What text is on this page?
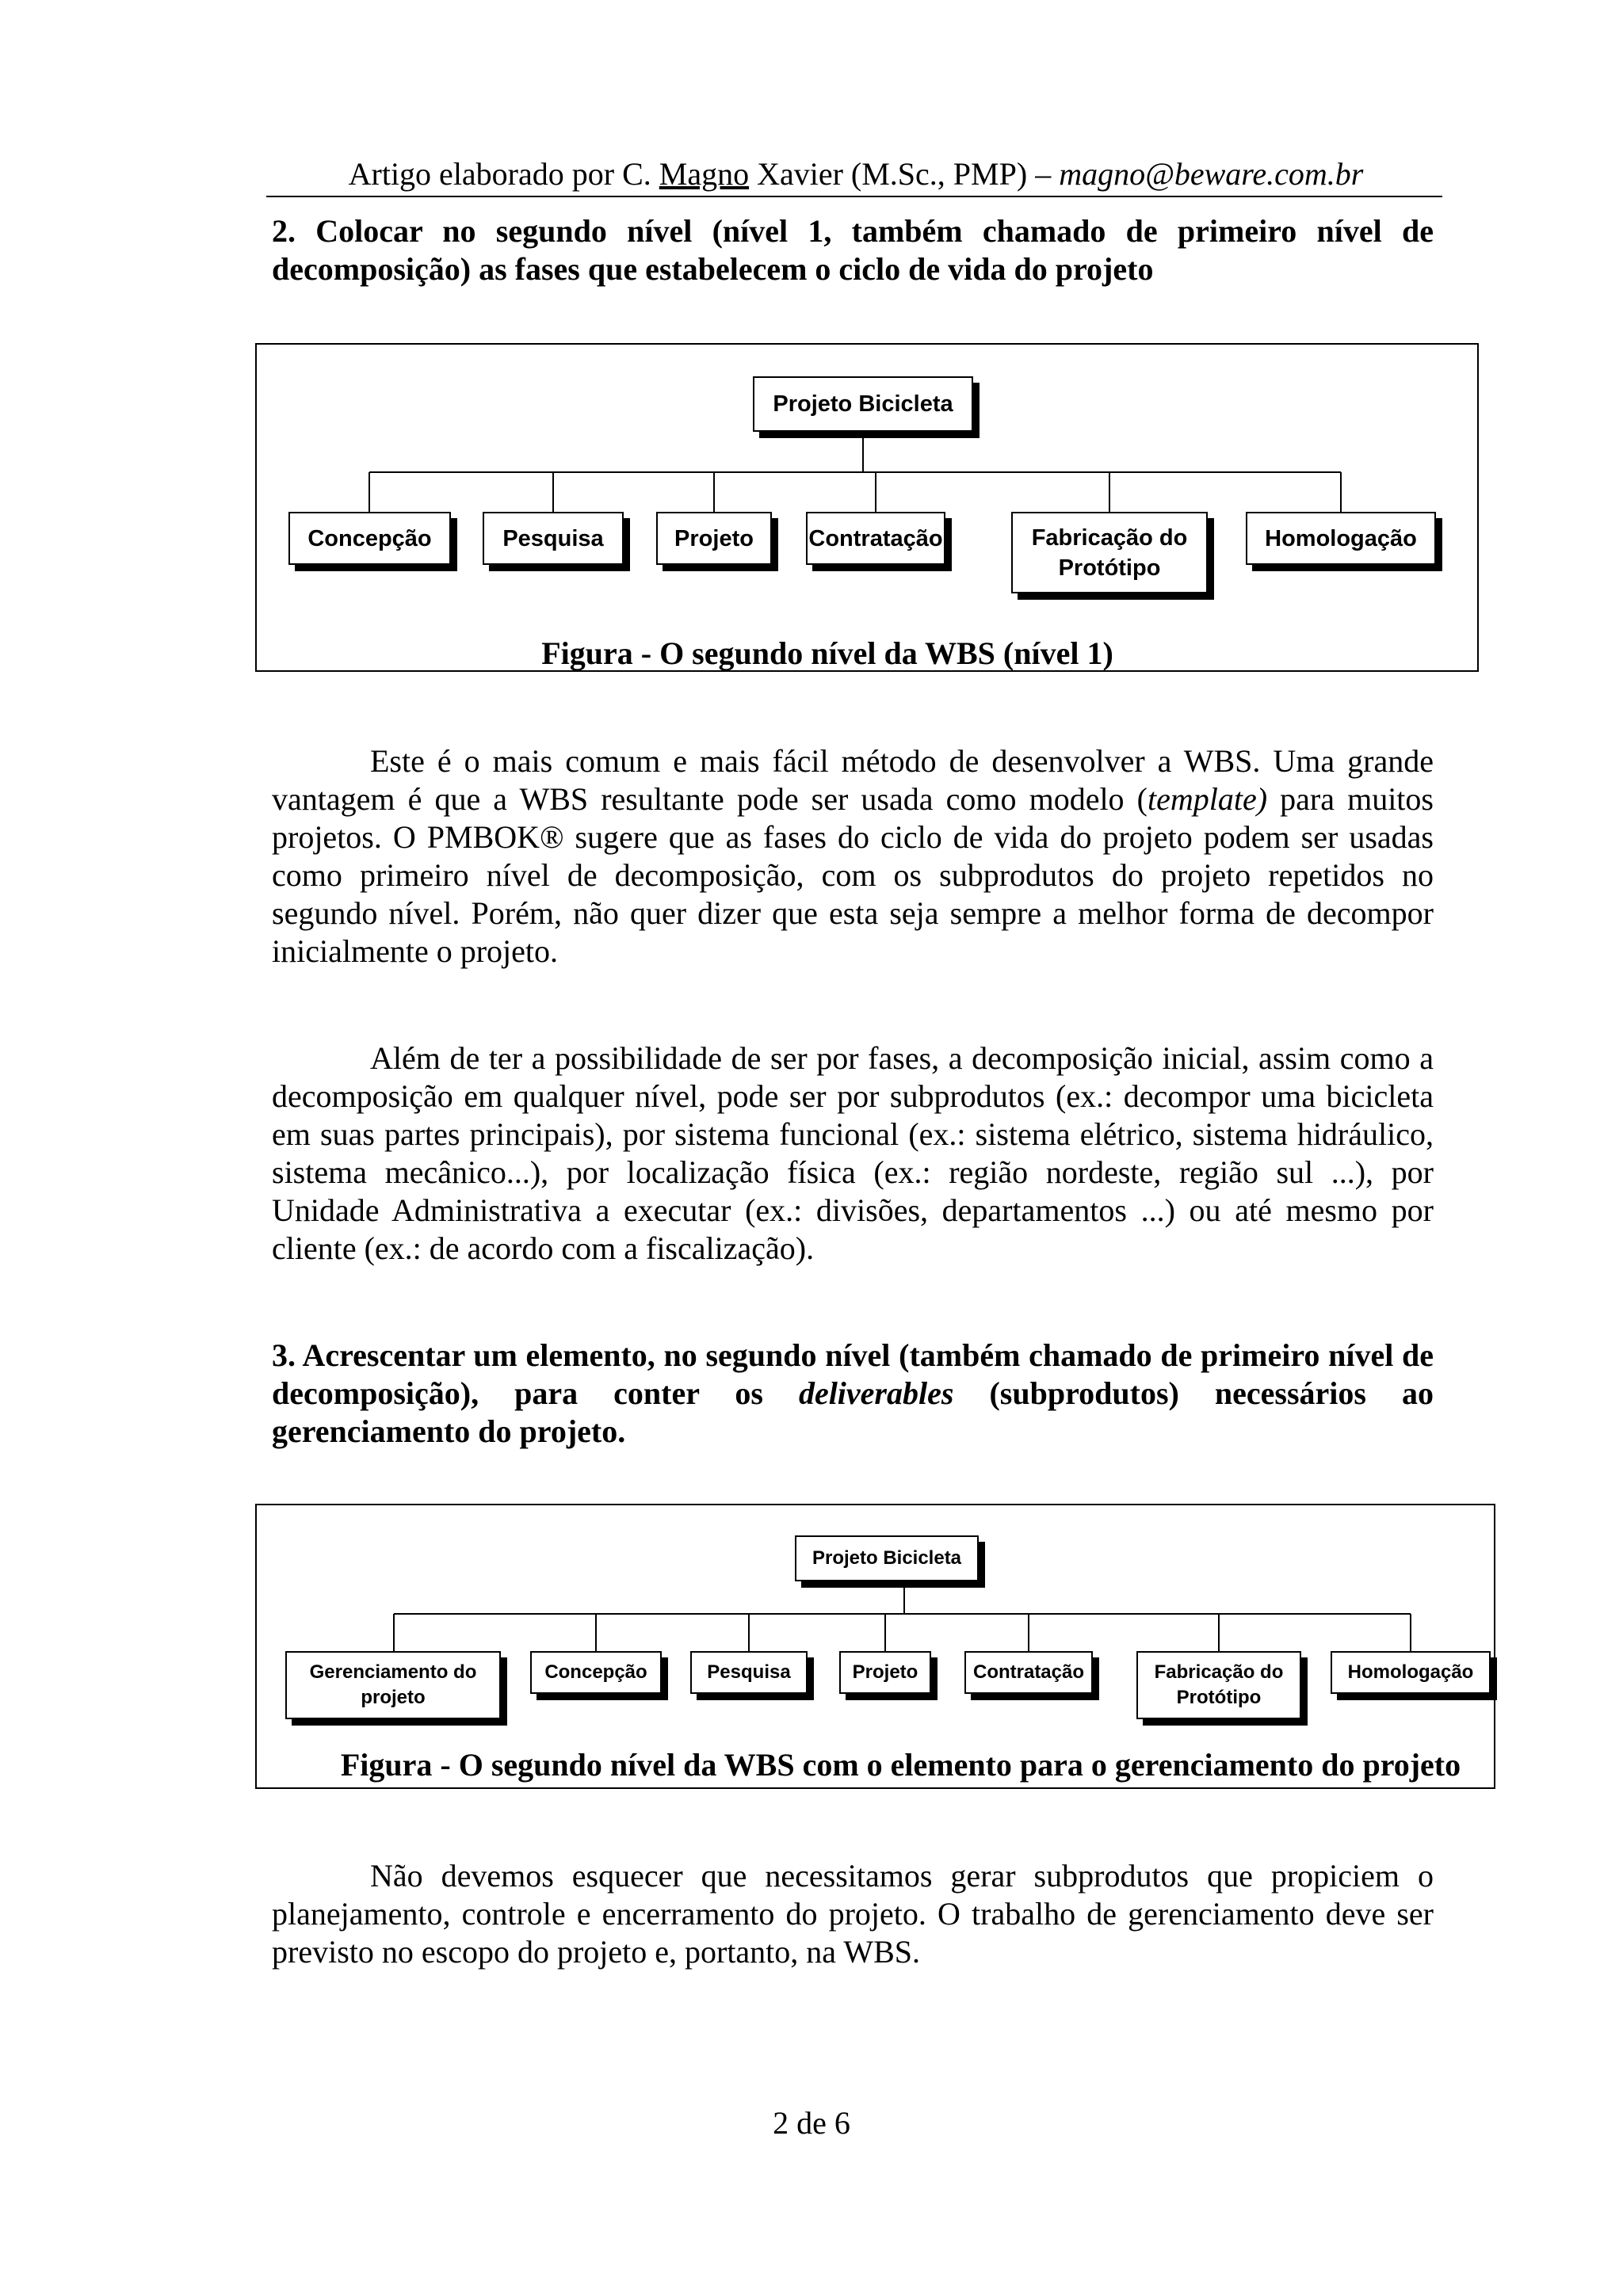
Artigo elaborado por C. Magno Xavier (M.Sc., PMP) – magno@beware.com.br
2. Colocar no segundo nível (nível 1, também chamado de primeiro nível de decomposição) as fases que estabelecem o ciclo de vida do projeto
Projeto Bicicleta
Concepção	Pesquisa	Projeto	Contratação	Fabricação do Protótipo
Homologação
Figura - O segundo nível da WBS (nível 1)
Este é o mais comum e mais fácil método de desenvolver a WBS. Uma grande vantagem é que a WBS resultante pode ser usada como modelo (template) para muitos projetos. O PMBOK® sugere que as fases do ciclo de vida do projeto podem ser usadas como primeiro nível de decomposição, com os subprodutos do projeto repetidos no segundo nível. Porém, não quer dizer que esta seja sempre a melhor forma de decompor inicialmente o projeto.
Além de ter a possibilidade de ser por fases, a decomposição inicial, assim como a decomposição em qualquer nível, pode ser por subprodutos (ex.: decompor uma bicicleta em suas partes principais), por sistema funcional (ex.: sistema elétrico, sistema hidráulico, sistema mecânico...), por localização física (ex.: região nordeste, região sul ...), por Unidade Administrativa a executar (ex.: divisões, departamentos ...) ou até mesmo por cliente (ex.: de acordo com a fiscalização).
3. Acrescentar um elemento, no segundo nível (também chamado de primeiro nível de decomposição), para conter os deliverables (subprodutos) necessários ao gerenciamento do projeto.
Projeto Bicicleta
Gerenciamento do projeto
Concepção	Pesquisa	Projeto	Contratação	Fabricação do Protótipo
Homologação
Figura - O segundo nível da WBS com o elemento para o gerenciamento do projeto
Não devemos esquecer que necessitamos gerar subprodutos que propiciem o planejamento, controle e encerramento do projeto. O trabalho de gerenciamento deve ser previsto no escopo do projeto e, portanto, na WBS.
2 de 6
